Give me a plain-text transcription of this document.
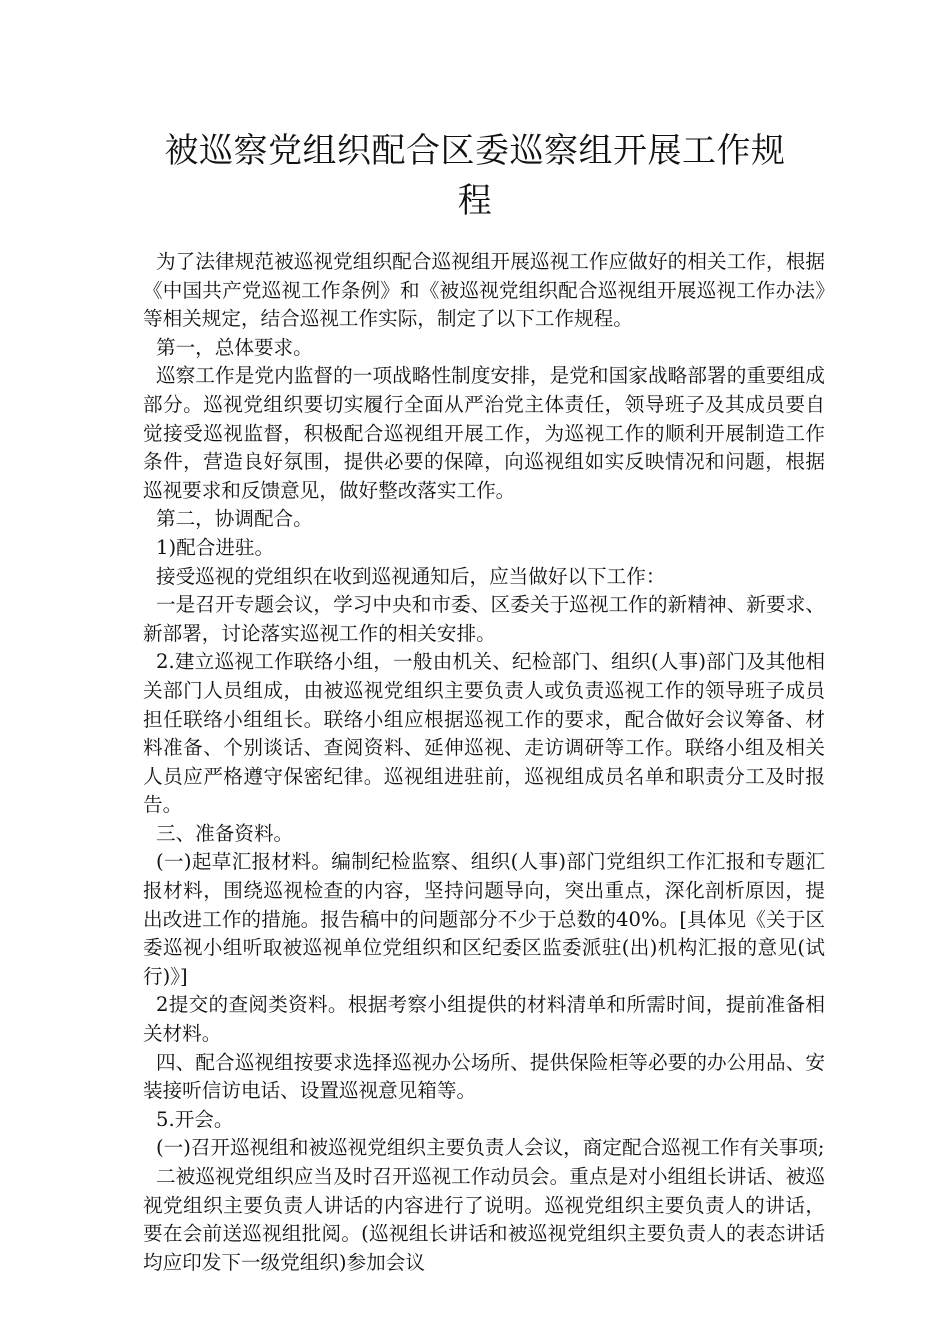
被巡察党组织配合区委巡察组开展工作规程

为了法律规范被巡视党组织配合巡视组开展巡视工作应做好的相关工作，根据《中国共产党巡视工作条例》和《被巡视党组织配合巡视组开展巡视工作办法》等相关规定，结合巡视工作实际，制定了以下工作规程。

第一，总体要求。

巡察工作是党内监督的一项战略性制度安排，是党和国家战略部署的重要组成部分。巡视党组织要切实履行全面从严治党主体责任，领导班子及其成员要自觉接受巡视监督，积极配合巡视组开展工作，为巡视工作的顺利开展制造工作条件，营造良好氛围，提供必要的保障，向巡视组如实反映情况和问题，根据巡视要求和反馈意见，做好整改落实工作。

第二，协调配合。

1)配合进驻。

接受巡视的党组织在收到巡视通知后，应当做好以下工作：

一是召开专题会议，学习中央和市委、区委关于巡视工作的新精神、新要求、新部署，讨论落实巡视工作的相关安排。

2.建立巡视工作联络小组，一般由机关、纪检部门、组织(人事)部门及其他相关部门人员组成，由被巡视党组织主要负责人或负责巡视工作的领导班子成员担任联络小组组长。联络小组应根据巡视工作的要求，配合做好会议筹备、材料准备、个别谈话、查阅资料、延伸巡视、走访调研等工作。联络小组及相关人员应严格遵守保密纪律。巡视组进驻前，巡视组成员名单和职责分工及时报告。

三、准备资料。

(一)起草汇报材料。编制纪检监察、组织(人事)部门党组织工作汇报和专题汇报材料，围绕巡视检查的内容，坚持问题导向，突出重点，深化剖析原因，提出改进工作的措施。报告稿中的问题部分不少于总数的40%。[具体见《关于区委巡视小组听取被巡视单位党组织和区纪委区监委派驻(出)机构汇报的意见(试行)》]

2提交的查阅类资料。根据考察小组提供的材料清单和所需时间，提前准备相关材料。

四、配合巡视组按要求选择巡视办公场所、提供保险柜等必要的办公用品、安装接听信访电话、设置巡视意见箱等。

5.开会。

(一)召开巡视组和被巡视党组织主要负责人会议，商定配合巡视工作有关事项;

二被巡视党组织应当及时召开巡视工作动员会。重点是对小组组长讲话、被巡视党组织主要负责人讲话的内容进行了说明。巡视党组织主要负责人的讲话，要在会前送巡视组批阅。(巡视组长讲话和被巡视党组织主要负责人的表态讲话均应印发下一级党组织)参加会议
